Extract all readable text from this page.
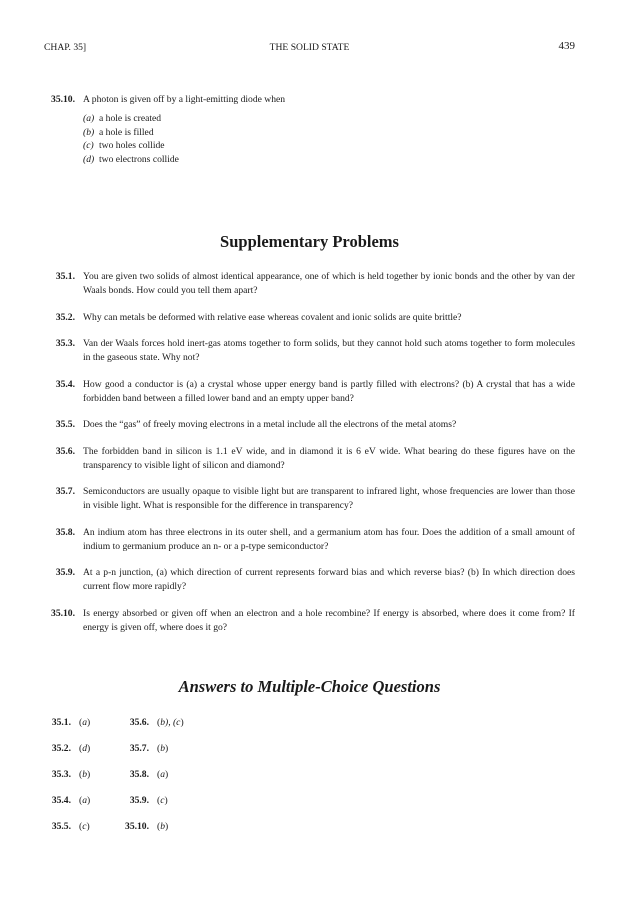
CHAP. 35]	THE SOLID STATE	439
35.10. A photon is given off by a light-emitting diode when
(a) a hole is created
(b) a hole is filled
(c) two holes collide
(d) two electrons collide
Supplementary Problems
35.1. You are given two solids of almost identical appearance, one of which is held together by ionic bonds and the other by van der Waals bonds. How could you tell them apart?
35.2. Why can metals be deformed with relative ease whereas covalent and ionic solids are quite brittle?
35.3. Van der Waals forces hold inert-gas atoms together to form solids, but they cannot hold such atoms together to form molecules in the gaseous state. Why not?
35.4. How good a conductor is (a) a crystal whose upper energy band is partly filled with electrons? (b) A crystal that has a wide forbidden band between a filled lower band and an empty upper band?
35.5. Does the “gas” of freely moving electrons in a metal include all the electrons of the metal atoms?
35.6. The forbidden band in silicon is 1.1 eV wide, and in diamond it is 6 eV wide. What bearing do these figures have on the transparency to visible light of silicon and diamond?
35.7. Semiconductors are usually opaque to visible light but are transparent to infrared light, whose frequencies are lower than those in visible light. What is responsible for the difference in transparency?
35.8. An indium atom has three electrons in its outer shell, and a germanium atom has four. Does the addition of a small amount of indium to germanium produce an n- or a p-type semiconductor?
35.9. At a p-n junction, (a) which direction of current represents forward bias and which reverse bias? (b) In which direction does current flow more rapidly?
35.10. Is energy absorbed or given off when an electron and a hole recombine? If energy is absorbed, where does it come from? If energy is given off, where does it go?
Answers to Multiple-Choice Questions
35.1. ( a )	35.6. ( b), (c )
35.2. ( d )	35.7. ( b )
35.3. ( b )	35.8. ( a )
35.4. ( a )	35.9. ( c )
35.5. ( c )	35.10. ( b )
